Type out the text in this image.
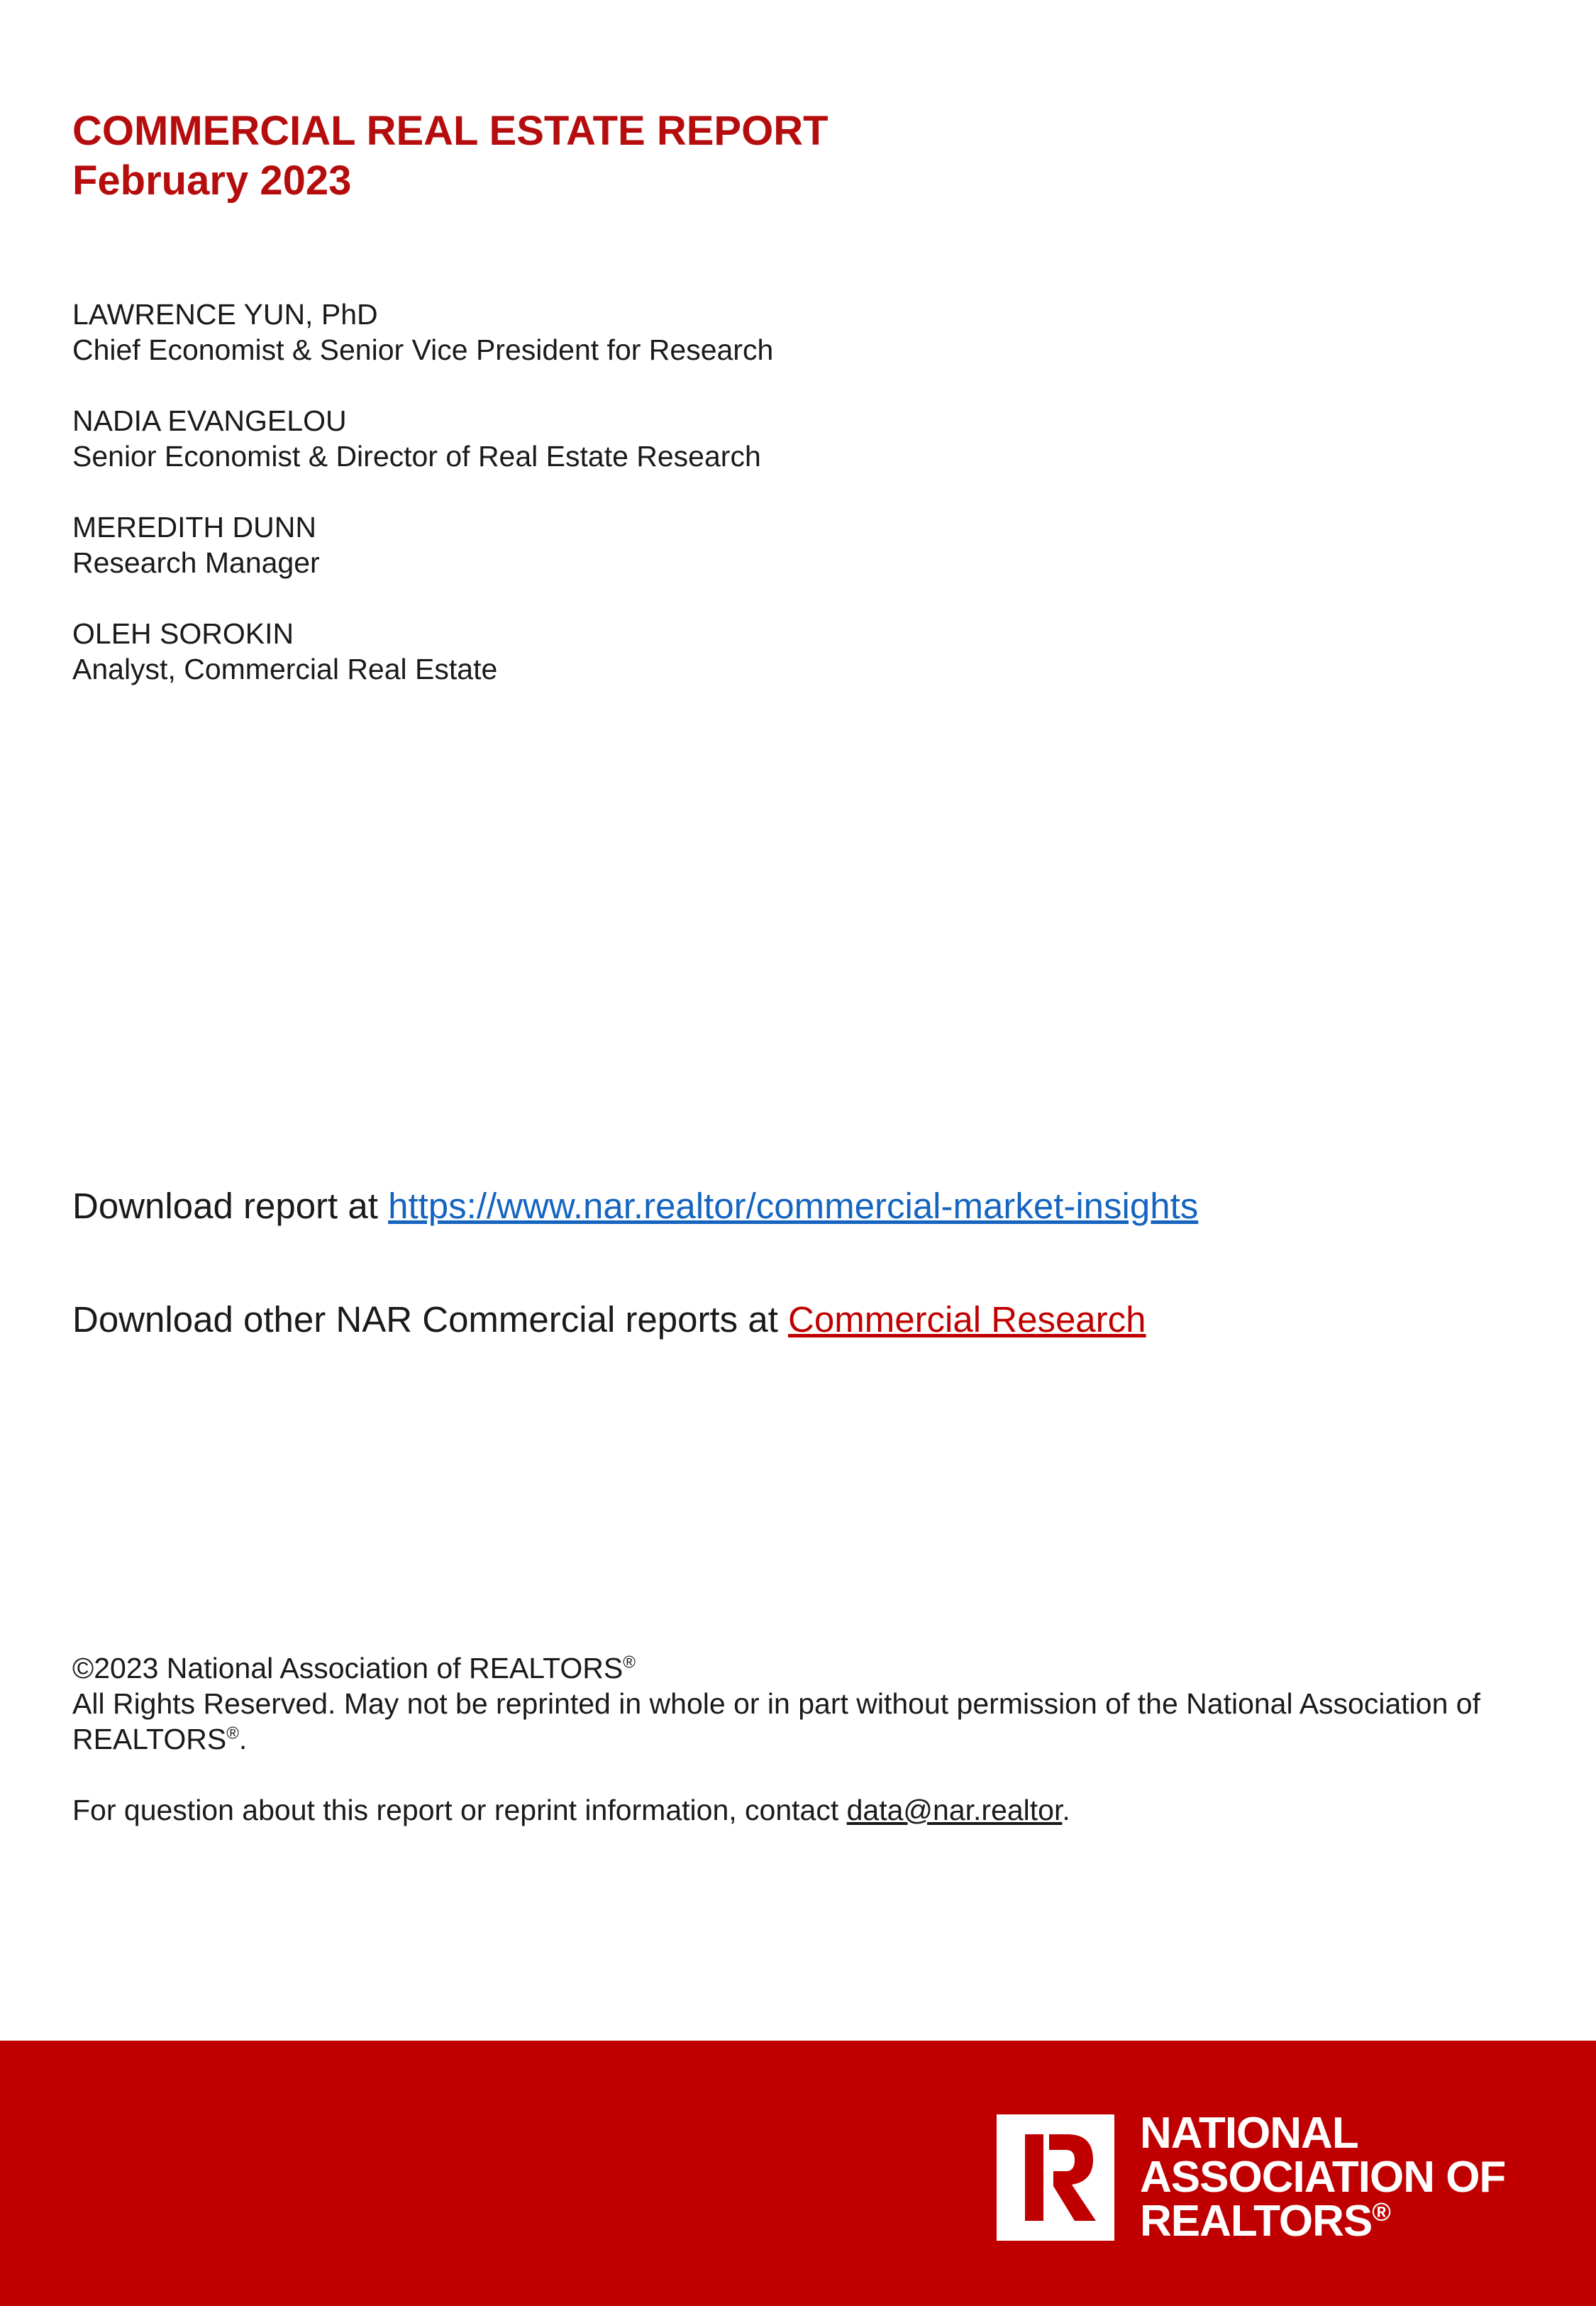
COMMERCIAL REAL ESTATE REPORT
February 2023
LAWRENCE YUN, PhD
Chief Economist & Senior Vice President for Research
NADIA EVANGELOU
Senior Economist & Director of Real Estate Research
MEREDITH DUNN
Research Manager
OLEH SOROKIN
Analyst, Commercial Real Estate
Download report at https://www.nar.realtor/commercial-market-insights
Download other NAR Commercial reports at Commercial Research

©2023 National Association of REALTORS®

All Rights Reserved. May not be reprinted in whole or in part without permission of the National Association of REALTORS®.

For question about this report or reprint information, contact data@nar.realtor.

NATIONAL
ASSOCIATION OF
REALTORS®
